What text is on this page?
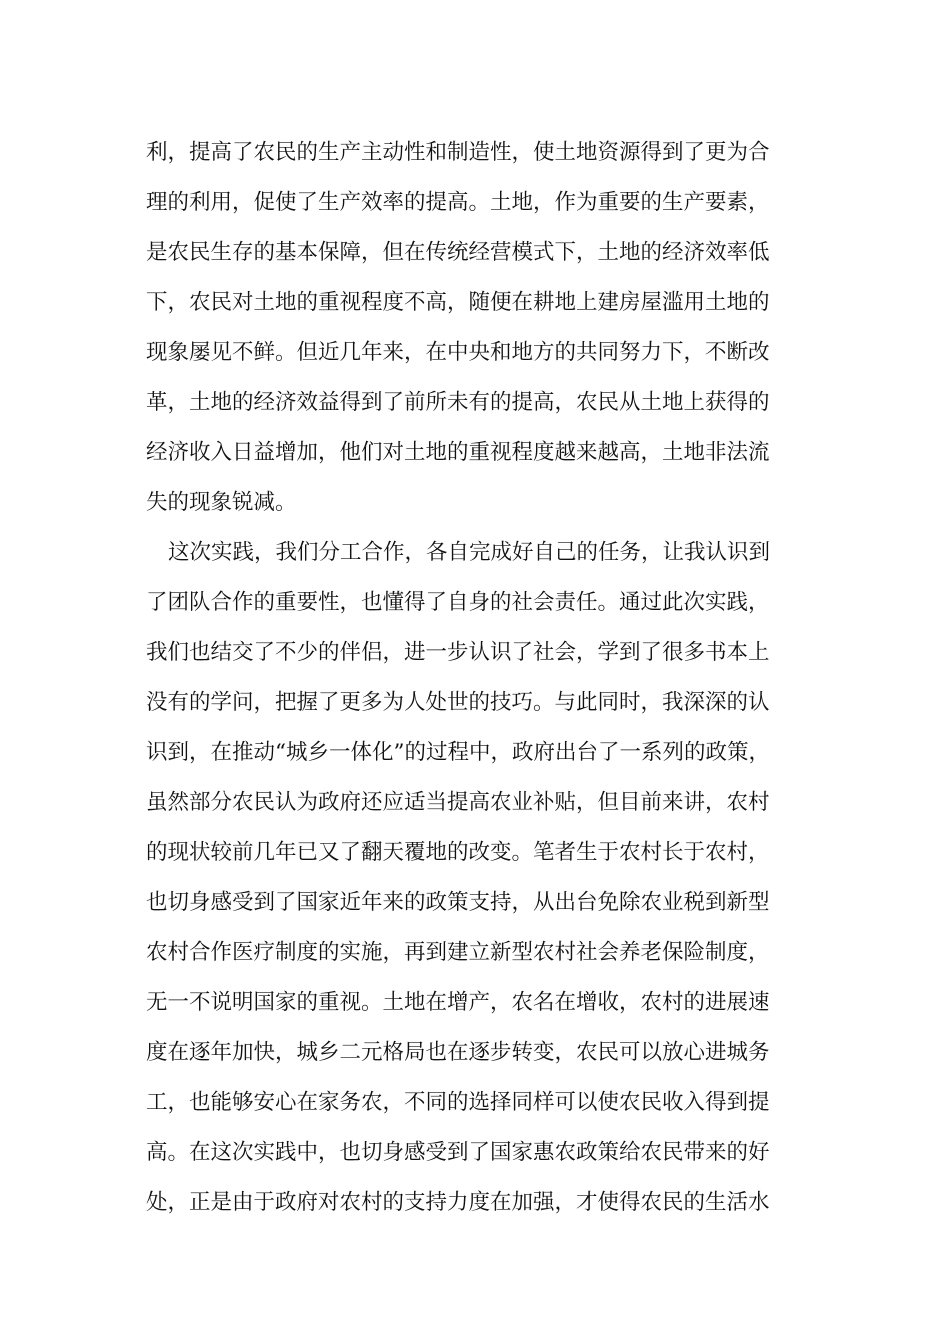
利，提高了农民的生产主动性和制造性，使土地资源得到了更为合
理的利用，促使了生产效率的提高。土地，作为重要的生产要素，
是农民生存的基本保障，但在传统经营模式下，土地的经济效率低
下，农民对土地的重视程度不高，随便在耕地上建房屋滥用土地的
现象屡见不鲜。但近几年来，在中央和地方的共同努力下，不断改
革，土地的经济效益得到了前所未有的提高，农民从土地上获得的
经济收入日益增加，他们对土地的重视程度越来越高，土地非法流
失的现象锐减。
这次实践，我们分工合作，各自完成好自己的任务，让我认识到
了团队合作的重要性，也懂得了自身的社会责任。通过此次实践，
我们也结交了不少的伴侣，进一步认识了社会，学到了很多书本上
没有的学问，把握了更多为人处世的技巧。与此同时，我深深的认
识到，在推动“城乡一体化”的过程中，政府出台了一系列的政策，
虽然部分农民认为政府还应适当提高农业补贴，但目前来讲，农村
的现状较前几年已又了翻天覆地的改变。笔者生于农村长于农村，
也切身感受到了国家近年来的政策支持，从出台免除农业税到新型
农村合作医疗制度的实施，再到建立新型农村社会养老保险制度，
无一不说明国家的重视。土地在增产，农名在增收，农村的进展速
度在逐年加快，城乡二元格局也在逐步转变，农民可以放心进城务
工，也能够安心在家务农，不同的选择同样可以使农民收入得到提
高。在这次实践中，也切身感受到了国家惠农政策给农民带来的好
处，正是由于政府对农村的支持力度在加强，才使得农民的生活水
